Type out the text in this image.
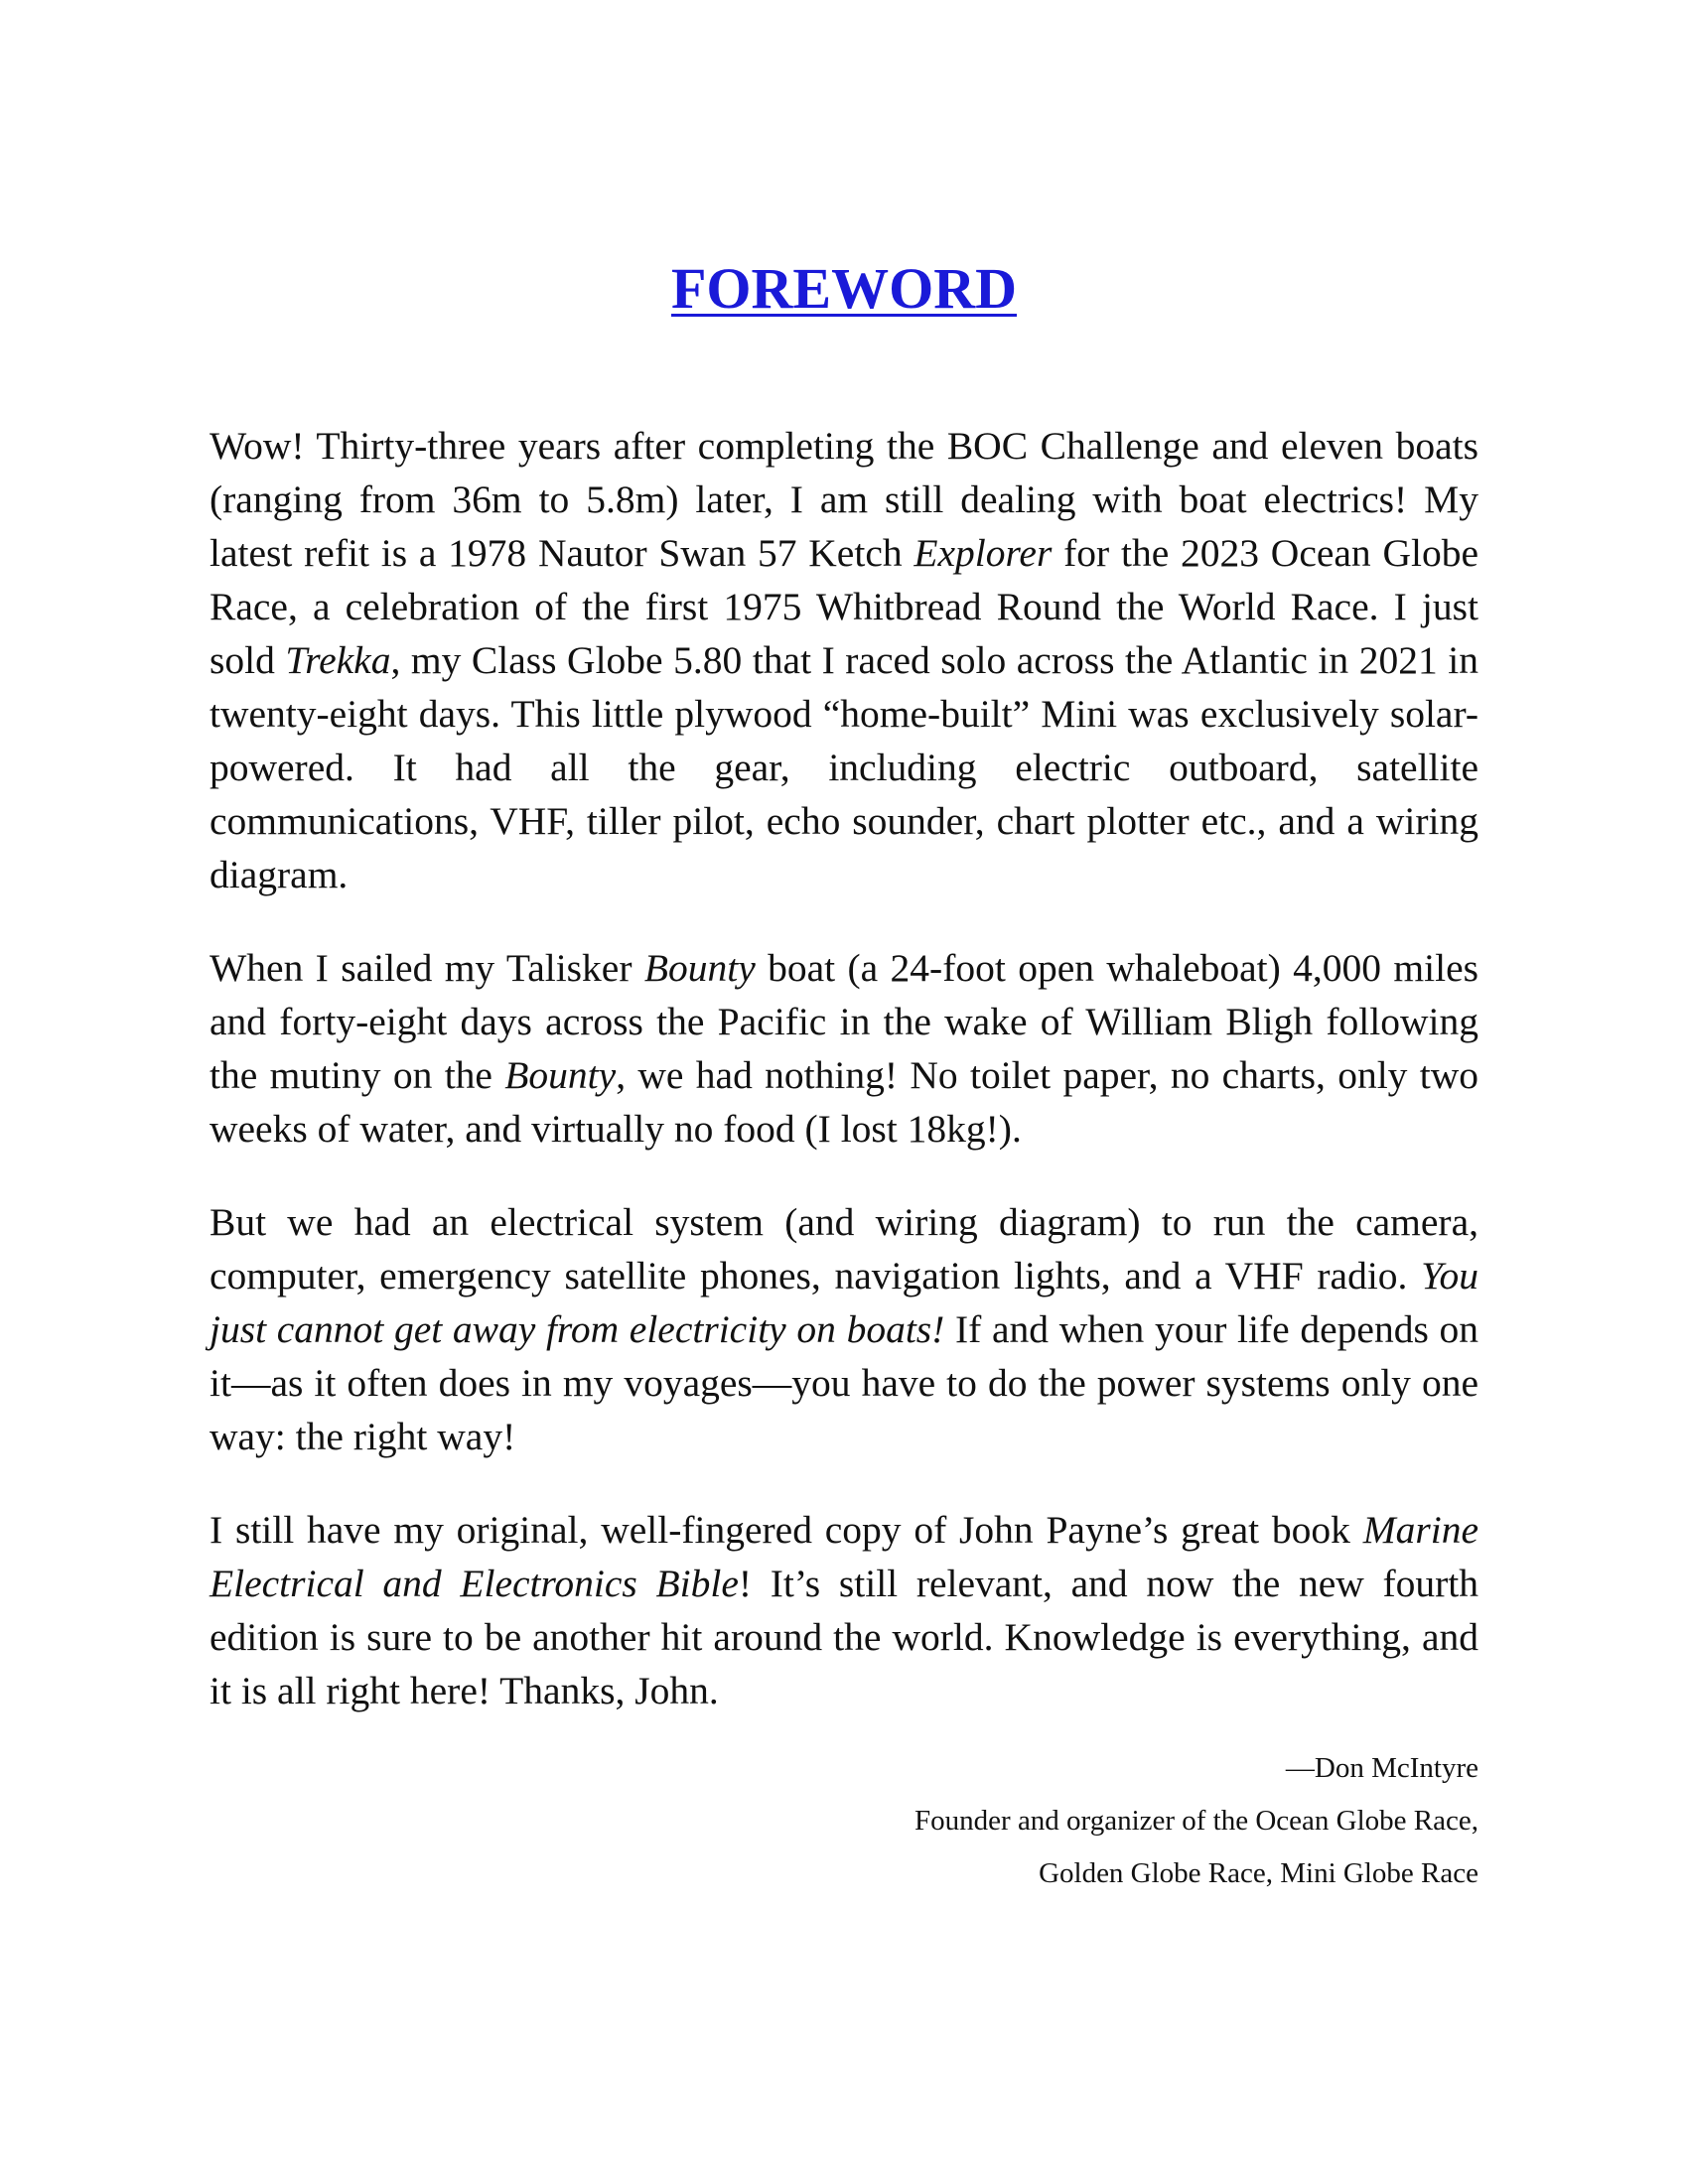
FOREWORD

Wow! Thirty-three years after completing the BOC Challenge and eleven boats (ranging from 36m to 5.8m) later, I am still dealing with boat electrics! My latest refit is a 1978 Nautor Swan 57 Ketch Explorer for the 2023 Ocean Globe Race, a celebration of the first 1975 Whitbread Round the World Race. I just sold Trekka, my Class Globe 5.80 that I raced solo across the Atlantic in 2021 in twenty-eight days. This little plywood “home-built” Mini was exclusively solar-powered. It had all the gear, including electric outboard, satellite communications, VHF, tiller pilot, echo sounder, chart plotter etc., and a wiring diagram.

When I sailed my Talisker Bounty boat (a 24-foot open whaleboat) 4,000 miles and forty-eight days across the Pacific in the wake of William Bligh following the mutiny on the Bounty, we had nothing! No toilet paper, no charts, only two weeks of water, and virtually no food (I lost 18kg!).

But we had an electrical system (and wiring diagram) to run the camera, computer, emergency satellite phones, navigation lights, and a VHF radio. You just cannot get away from electricity on boats! If and when your life depends on it—as it often does in my voyages—you have to do the power systems only one way: the right way!

I still have my original, well-fingered copy of John Payne’s great book Marine Electrical and Electronics Bible! It’s still relevant, and now the new fourth edition is sure to be another hit around the world. Knowledge is everything, and it is all right here! Thanks, John.

—Don McIntyre
Founder and organizer of the Ocean Globe Race,
Golden Globe Race, Mini Globe Race
